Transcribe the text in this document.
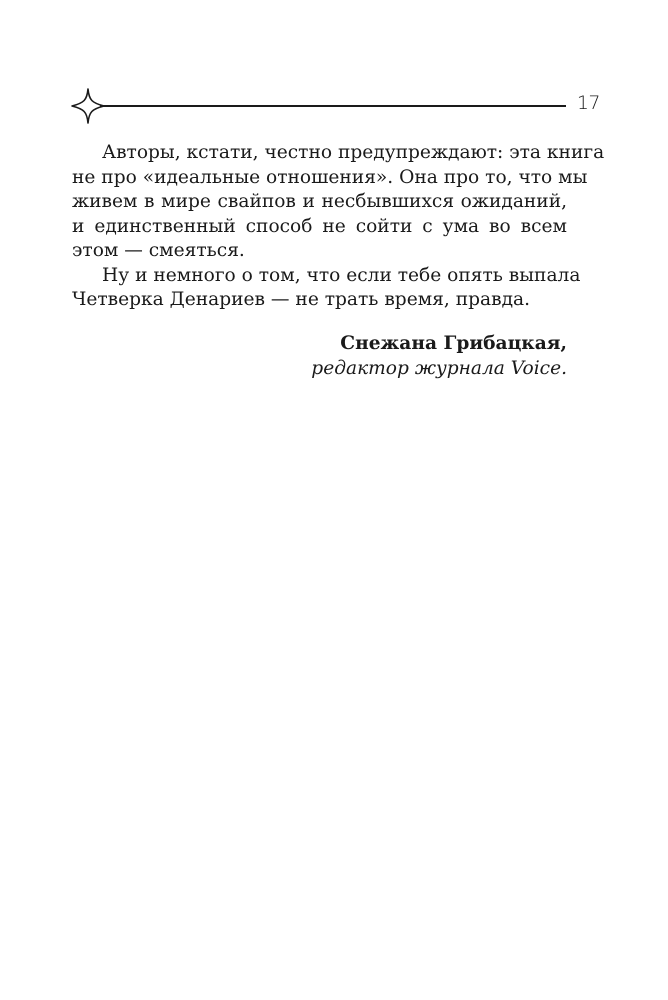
17
Авторы, кстати, честно предупреждают: эта книга
не про «идеальные отношения». Она про то, что мы
живем в мире свайпов и несбывшихся ожиданий,
и единственный способ не сойти с ума во всем
этом — смеяться.
Ну и немного о том, что если тебе опять выпала
Четверка Денариев — не трать время, правда.
Снежана Грибацкая,
редактор журнала Voice.
